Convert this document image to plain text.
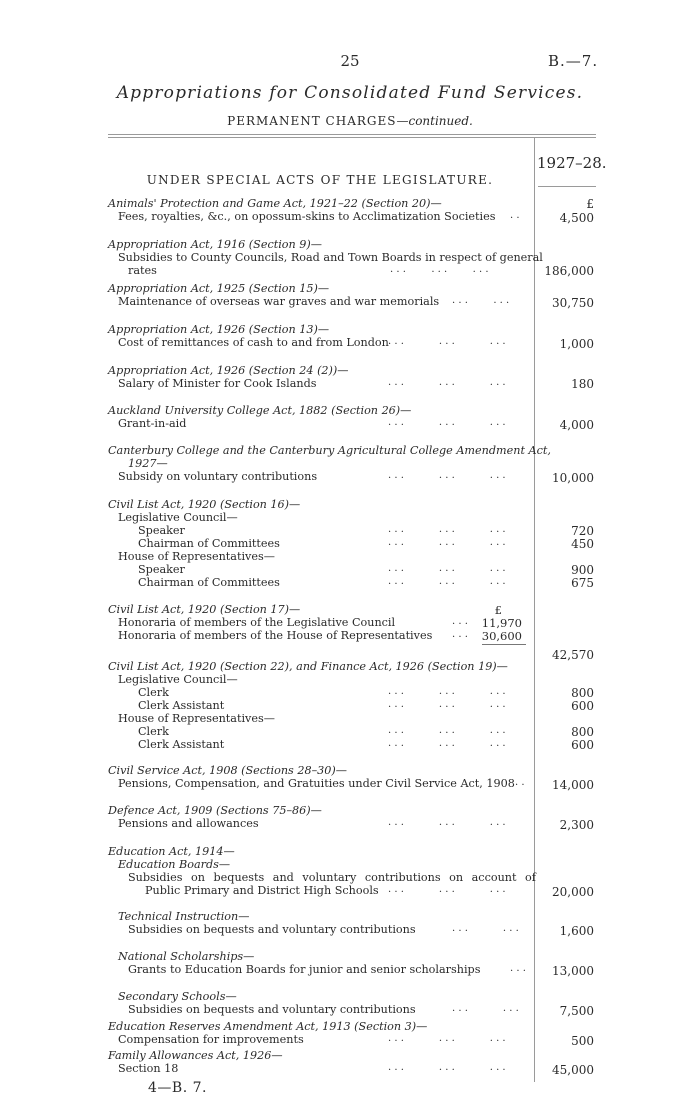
25	B.—7.
Appropriations for Consolidated Fund Services.
PERMANENT CHARGES—continued.
1927–28.
UNDER SPECIAL ACTS OF THE LEGISLATURE.
Animals' Protection and Game Act, 1921–22 (Section 20)—	£
Fees, royalties, &c., on opossum-skins to Acclimatization Societies	. .	4,500
Appropriation Act, 1916 (Section 9)—
Subsidies to County Councils, Road and Town Boards in respect of general
rates	. . .        . . .        . . .	186,000
Appropriation Act, 1925 (Section 15)—
Maintenance of overseas war graves and war memorials	. . .        . . .	30,750
Appropriation Act, 1926 (Section 13)—
Cost of remittances of cash to and from London . . .           . . .           . . .	1,000
Appropriation Act, 1926 (Section 24 (2))—
Salary of Minister for Cook Islands	. . .           . . .           . . .	180
Auckland University College Act, 1882 (Section 26)—
Grant-in-aid	. . .           . . .           . . .	4,000
Canterbury College and the Canterbury Agricultural College Amendment Act,
1927—
Subsidy on voluntary contributions	. . .           . . .           . . .	10,000
Civil List Act, 1920 (Section 16)—
Legislative Council—
Speaker	. . .           . . .           . . .	720
Chairman of Committees	. . .           . . .           . . .	450
House of Representatives—
Speaker	. . .           . . .           . . .	900
Chairman of Committees	. . .           . . .           . . .	675
Civil List Act, 1920 (Section 17)—	£
Honoraria of members of the Legislative Council	. . .	11,970
Honoraria of members of the House of Representatives	. . .	30,600
42,570
Civil List Act, 1920 (Section 22), and Finance Act, 1926 (Section 19)—
Legislative Council—
Clerk	. . .           . . .           . . .	800
Clerk Assistant	. . .           . . .           . . .	600
House of Representatives—
Clerk	. . .           . . .           . . .	800
Clerk Assistant	. . .           . . .           . . .	600
Civil Service Act, 1908 (Sections 28–30)—
Pensions, Compensation, and Gratuities under Civil Service Act, 1908 . . 14,000
Defence Act, 1909 (Sections 75–86)—
Pensions and allowances	. . .           . . .           . . .	2,300
Education Act, 1914—
Education Boards—
Subsidies on bequests and voluntary contributions on account of
Public Primary and District High Schools . . .           . . .           . . .	20,000
Technical Instruction—
Subsidies on bequests and voluntary contributions	. . .           . . .	1,600
National Scholarships—
Grants to Education Boards for junior and senior scholarships	. . . 13,000
Secondary Schools—
Subsidies on bequests and voluntary contributions	. . .           . . .	7,500
Education Reserves Amendment Act, 1913 (Section 3)—
Compensation for improvements	. . .           . . .           . . .	500
Family Allowances Act, 1926—
Section 18	. . .           . . .           . . .	45,000
4—B. 7.
